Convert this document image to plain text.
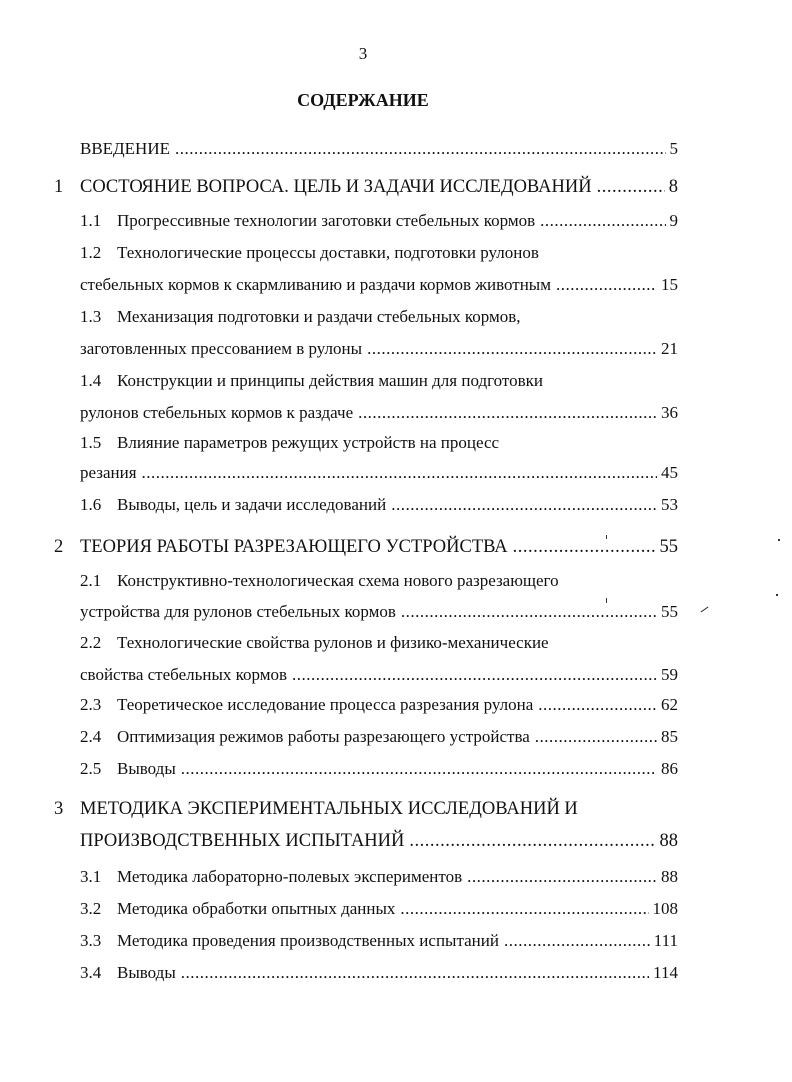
3
СОДЕРЖАНИЕ
ВВЕДЕНИЕ .....	5
1 СОСТОЯНИЕ ВОПРОСА. ЦЕЛЬ И ЗАДАЧИ ИССЛЕДОВАНИЙ .....	8
1.1 Прогрессивные технологии заготовки стебельных кормов .....	9
1.2 Технологические процессы доставки, подготовки рулонов
стебельных кормов к скармливанию и раздачи кормов животным .....	15
1.3 Механизация подготовки и раздачи стебельных кормов,
заготовленных прессованием в рулоны .....	21
1.4 Конструкции и принципы действия машин для подготовки
рулонов стебельных кормов к раздаче .....	36
1.5 Влияние параметров режущих устройств на процесс
резания .....	45
1.6 Выводы, цель и задачи исследований .....	53
2 ТЕОРИЯ РАБОТЫ РАЗРЕЗАЮЩЕГО УСТРОЙСТВА .....	55
2.1 Конструктивно-технологическая схема нового разрезающего
устройства для рулонов стебельных кормов .....	55
2.2 Технологические свойства рулонов и физико-механические
свойства стебельных кормов .....	59
2.3 Теоретическое исследование процесса разрезания рулона .....	62
2.4 Оптимизация режимов работы разрезающего устройства .....	85
2.5 Выводы .....	86
3 МЕТОДИКА ЭКСПЕРИМЕНТАЛЬНЫХ ИССЛЕДОВАНИЙ И
ПРОИЗВОДСТВЕННЫХ ИСПЫТАНИЙ .....	88
3.1 Методика лабораторно-полевых экспериментов .....	88
3.2 Методика обработки опытных данных .....	108
3.3 Методика проведения производственных испытаний .....	111
3.4 Выводы .....	114
